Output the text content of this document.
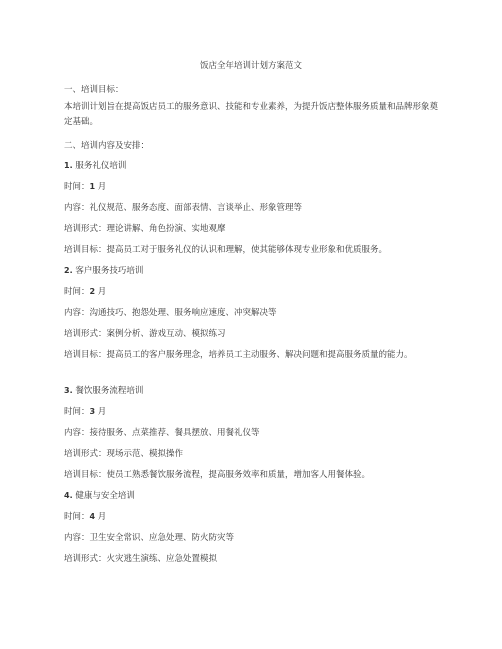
饭店全年培训计划方案范文
一、培训目标：
本培训计划旨在提高饭店员工的服务意识、技能和专业素养，为提升饭店整体服务质量和品牌形象奠定基础。
二、培训内容及安排：
1. 服务礼仪培训
时间：1 月
内容：礼仪规范、服务态度、面部表情、言谈举止、形象管理等
培训形式：理论讲解、角色扮演、实地观摩
培训目标：提高员工对于服务礼仪的认识和理解，使其能够体现专业形象和优质服务。
2. 客户服务技巧培训
时间：2 月
内容：沟通技巧、抱怨处理、服务响应速度、冲突解决等
培训形式：案例分析、游戏互动、模拟练习
培训目标：提高员工的客户服务理念，培养员工主动服务、解决问题和提高服务质量的能力。
3. 餐饮服务流程培训
时间：3 月
内容：接待服务、点菜推荐、餐具摆放、用餐礼仪等
培训形式：现场示范、模拟操作
培训目标：使员工熟悉餐饮服务流程，提高服务效率和质量，增加客人用餐体验。
4. 健康与安全培训
时间：4 月
内容：卫生安全常识、应急处理、防火防灾等
培训形式：火灾逃生演练、应急处置模拟
